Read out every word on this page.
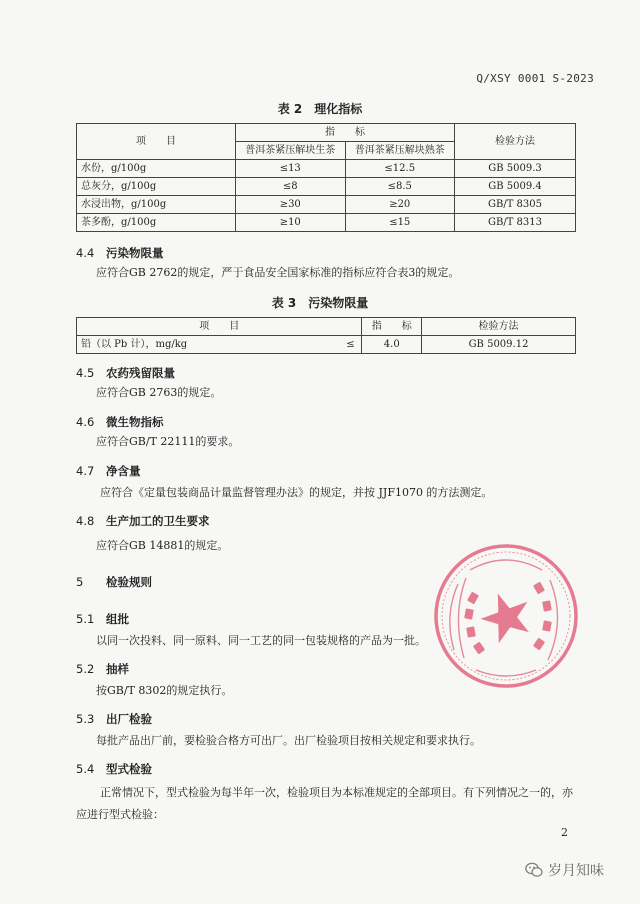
Q/XSY 0001 S-2023
表 2　理化指标
项　　目	指　　标		检验方法
	普洱茶紧压解块生茶	普洱茶紧压解块熟茶	
水份，g/100g	≤13	≤12.5	GB 5009.3
总灰分，g/100g	≤8	≤8.5	GB 5009.4
水浸出物，g/100g	≥30	≥20	GB/T 8305
茶多酚，g/100g	≥10	≤15	GB/T 8313
4.4 污染物限量
应符合GB 2762的规定，严于食品安全国家标准的指标应符合表3的规定。
表 3　污染物限量
项　　目		指　　标	检验方法
铅（以 Pb 计），mg/kg	≤	4.0	GB 5009.12
4.5 农药残留限量
应符合GB 2763的规定。
4.6 微生物指标
应符合GB/T 22111的要求。
4.7 净含量
应符合《定量包装商品计量监督管理办法》的规定，并按 JJF1070 的方法测定。
4.8 生产加工的卫生要求
应符合GB 14881的规定。
5 检验规则
5.1 组批
以同一次投料、同一原料、同一工艺的同一包装规格的产品为一批。
5.2 抽样
按GB/T 8302的规定执行。
5.3 出厂检验
每批产品出厂前，要检验合格方可出厂。出厂检验项目按相关规定和要求执行。
5.4 型式检验
正常情况下，型式检验为每半年一次，检验项目为本标准规定的全部项目。有下列情况之一的，亦应进行型式检验：
2
岁月知味
